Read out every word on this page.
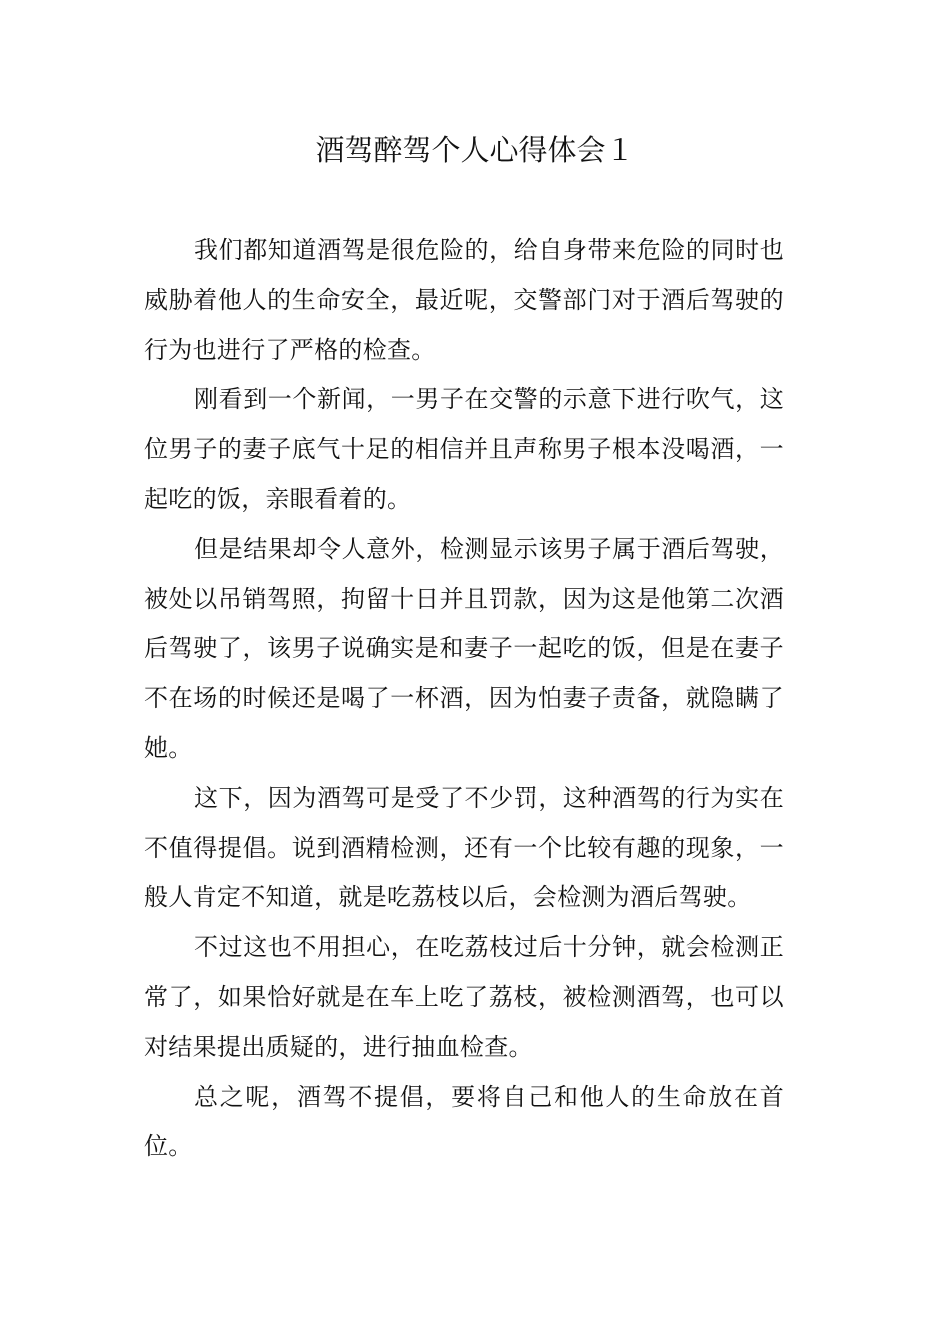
酒驾醉驾个人心得体会１

我们都知道酒驾是很危险的，给自身带来危险的同时也威胁着他人的生命安全，最近呢，交警部门对于酒后驾驶的行为也进行了严格的检查。

刚看到一个新闻，一男子在交警的示意下进行吹气，这位男子的妻子底气十足的相信并且声称男子根本没喝酒，一起吃的饭，亲眼看着的。

但是结果却令人意外，检测显示该男子属于酒后驾驶，被处以吊销驾照，拘留十日并且罚款，因为这是他第二次酒后驾驶了，该男子说确实是和妻子一起吃的饭，但是在妻子不在场的时候还是喝了一杯酒，因为怕妻子责备，就隐瞒了她。

这下，因为酒驾可是受了不少罚，这种酒驾的行为实在不值得提倡。说到酒精检测，还有一个比较有趣的现象，一般人肯定不知道，就是吃荔枝以后，会检测为酒后驾驶。

不过这也不用担心，在吃荔枝过后十分钟，就会检测正常了，如果恰好就是在车上吃了荔枝，被检测酒驾，也可以对结果提出质疑的，进行抽血检查。

总之呢，酒驾不提倡，要将自己和他人的生命放在首位。
